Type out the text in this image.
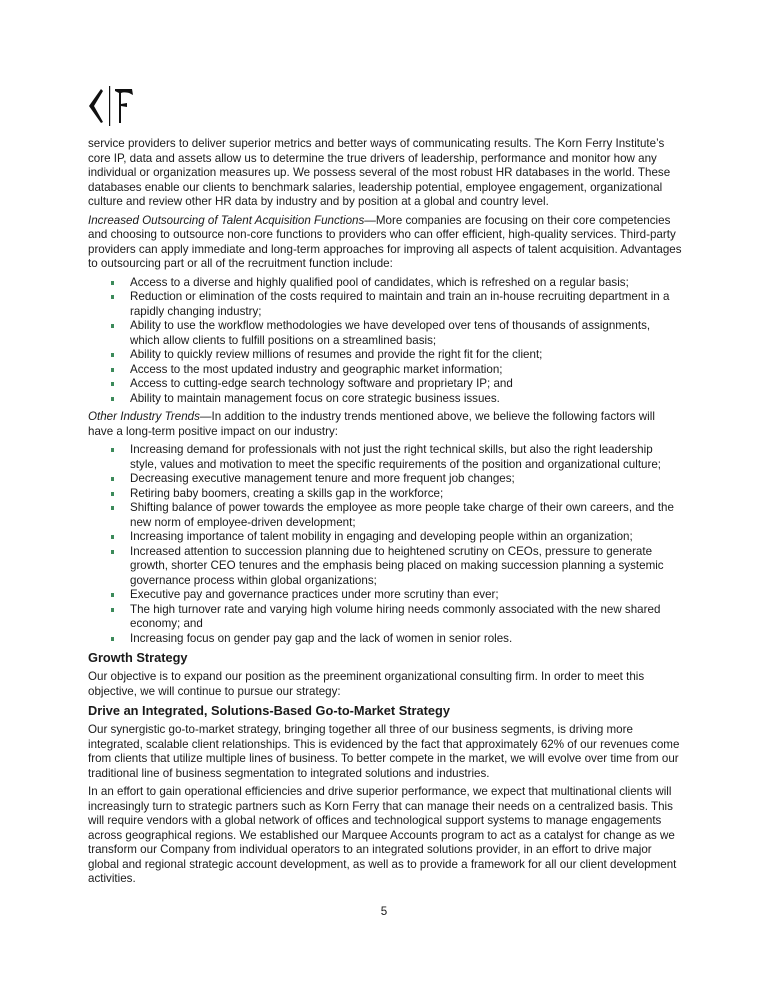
service providers to deliver superior metrics and better ways of communicating results. The Korn Ferry Institute’s core IP, data and assets allow us to determine the true drivers of leadership, performance and monitor how any individual or organization measures up. We possess several of the most robust HR databases in the world. These databases enable our clients to benchmark salaries, leadership potential, employee engagement, organizational culture and review other HR data by industry and by position at a global and country level.

Increased Outsourcing of Talent Acquisition Functions—More companies are focusing on their core competencies and choosing to outsource non-core functions to providers who can offer efficient, high-quality services. Third-party providers can apply immediate and long-term approaches for improving all aspects of talent acquisition. Advantages to outsourcing part or all of the recruitment function include:

Access to a diverse and highly qualified pool of candidates, which is refreshed on a regular basis;
Reduction or elimination of the costs required to maintain and train an in-house recruiting department in a rapidly changing industry;
Ability to use the workflow methodologies we have developed over tens of thousands of assignments, which allow clients to fulfill positions on a streamlined basis;
Ability to quickly review millions of resumes and provide the right fit for the client;
Access to the most updated industry and geographic market information;
Access to cutting-edge search technology software and proprietary IP; and
Ability to maintain management focus on core strategic business issues.

Other Industry Trends—In addition to the industry trends mentioned above, we believe the following factors will have a long-term positive impact on our industry:

Increasing demand for professionals with not just the right technical skills, but also the right leadership style, values and motivation to meet the specific requirements of the position and organizational culture;
Decreasing executive management tenure and more frequent job changes;
Retiring baby boomers, creating a skills gap in the workforce;
Shifting balance of power towards the employee as more people take charge of their own careers, and the new norm of employee-driven development;
Increasing importance of talent mobility in engaging and developing people within an organization;
Increased attention to succession planning due to heightened scrutiny on CEOs, pressure to generate growth, shorter CEO tenures and the emphasis being placed on making succession planning a systemic governance process within global organizations;
Executive pay and governance practices under more scrutiny than ever;
The high turnover rate and varying high volume hiring needs commonly associated with the new shared economy; and
Increasing focus on gender pay gap and the lack of women in senior roles.
Growth Strategy

Our objective is to expand our position as the preeminent organizational consulting firm. In order to meet this objective, we will continue to pursue our strategy:

Drive an Integrated, Solutions-Based Go-to-Market Strategy

Our synergistic go-to-market strategy, bringing together all three of our business segments, is driving more integrated, scalable client relationships. This is evidenced by the fact that approximately 62% of our revenues come from clients that utilize multiple lines of business. To better compete in the market, we will evolve over time from our traditional line of business segmentation to integrated solutions and industries.

In an effort to gain operational efficiencies and drive superior performance, we expect that multinational clients will increasingly turn to strategic partners such as Korn Ferry that can manage their needs on a centralized basis. This will require vendors with a global network of offices and technological support systems to manage engagements across geographical regions. We established our Marquee Accounts program to act as a catalyst for change as we transform our Company from individual operators to an integrated solutions provider, in an effort to drive major global and regional strategic account development, as well as to provide a framework for all our client development activities.

5
